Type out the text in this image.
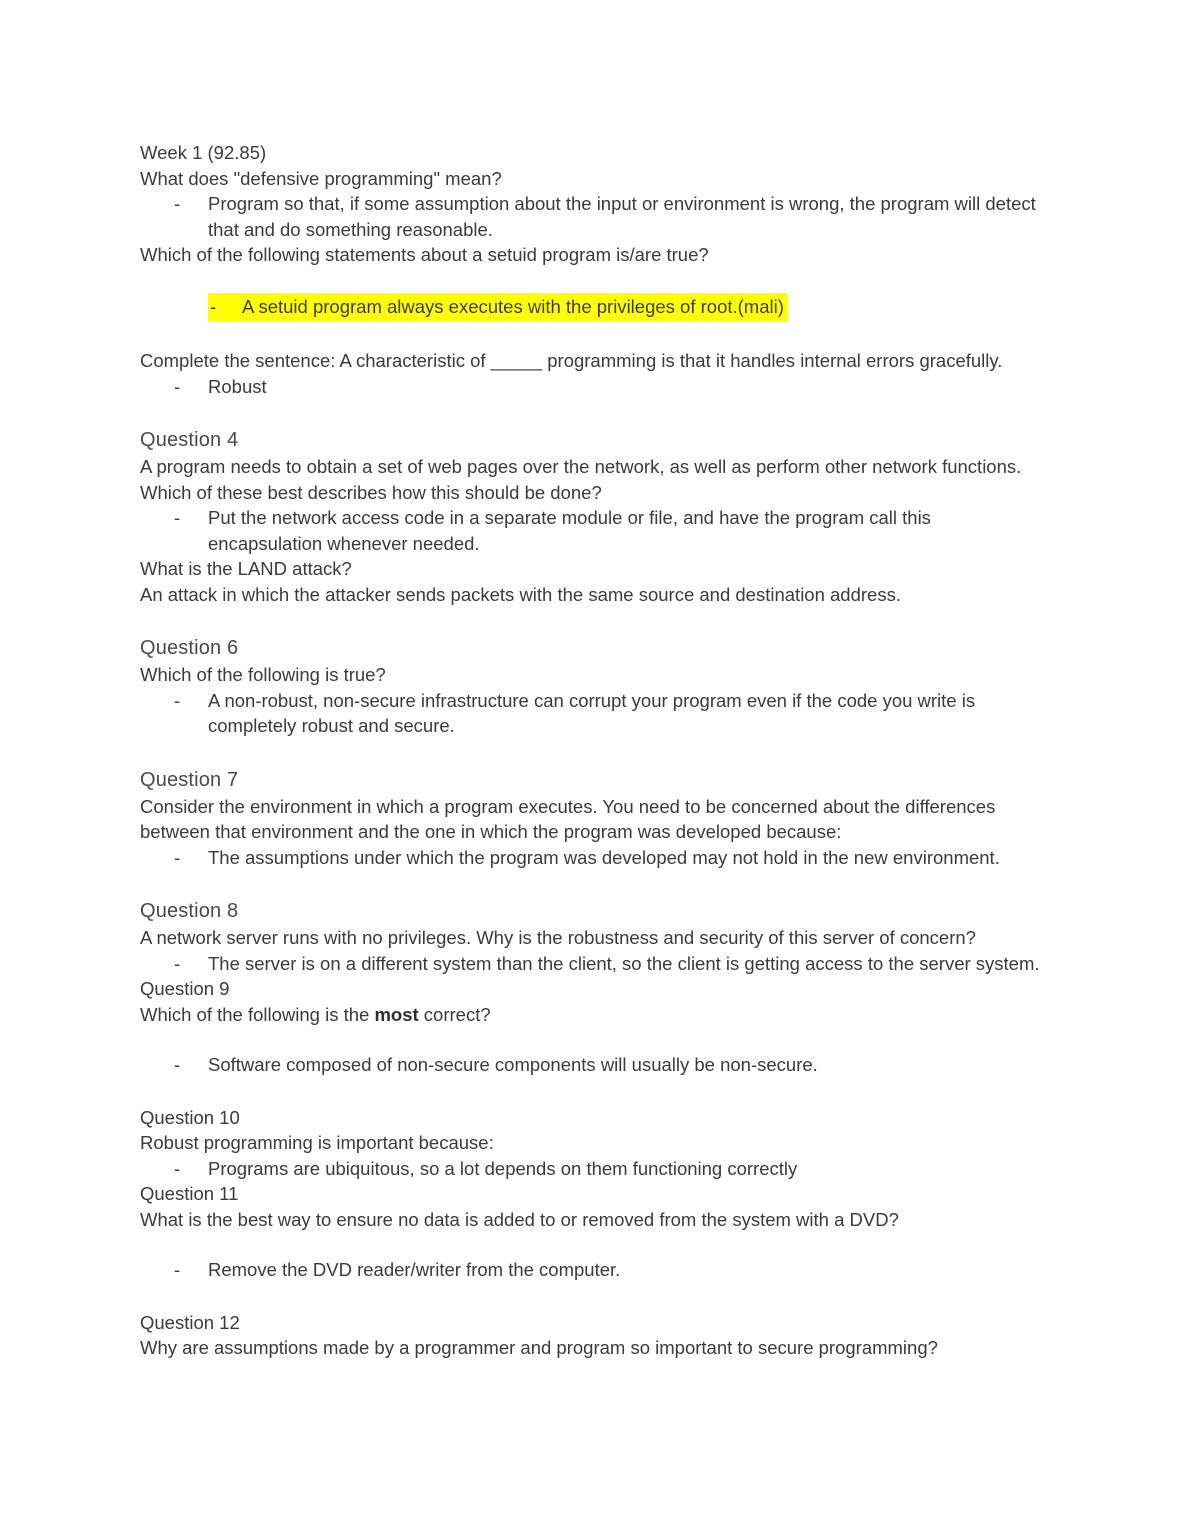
Week 1 (92.85)

What does "defensive programming" mean?

- Program so that, if some assumption about the input or environment is wrong, the program will detect that and do something reasonable.

Which of the following statements about a setuid program is/are true?

- A setuid program always executes with the privileges of root.(mali)

Complete the sentence: A characteristic of _____ programming is that it handles internal errors gracefully.

- Robust

Question 4

A program needs to obtain a set of web pages over the network, as well as perform other network functions. Which of these best describes how this should be done?

- Put the network access code in a separate module or file, and have the program call this encapsulation whenever needed.

What is the LAND attack?

An attack in which the attacker sends packets with the same source and destination address.

Question 6

Which of the following is true?

- A non-robust, non-secure infrastructure can corrupt your program even if the code you write is completely robust and secure.

Question 7

Consider the environment in which a program executes. You need to be concerned about the differences between that environment and the one in which the program was developed because:

- The assumptions under which the program was developed may not hold in the new environment.

Question 8

A network server runs with no privileges. Why is the robustness and security of this server of concern?

- The server is on a different system than the client, so the client is getting access to the server system.

Question 9

Which of the following is the most correct?

- Software composed of non-secure components will usually be non-secure.

Question 10

Robust programming is important because:

- Programs are ubiquitous, so a lot depends on them functioning correctly

Question 11

What is the best way to ensure no data is added to or removed from the system with a DVD?

- Remove the DVD reader/writer from the computer.

Question 12

Why are assumptions made by a programmer and program so important to secure programming?
